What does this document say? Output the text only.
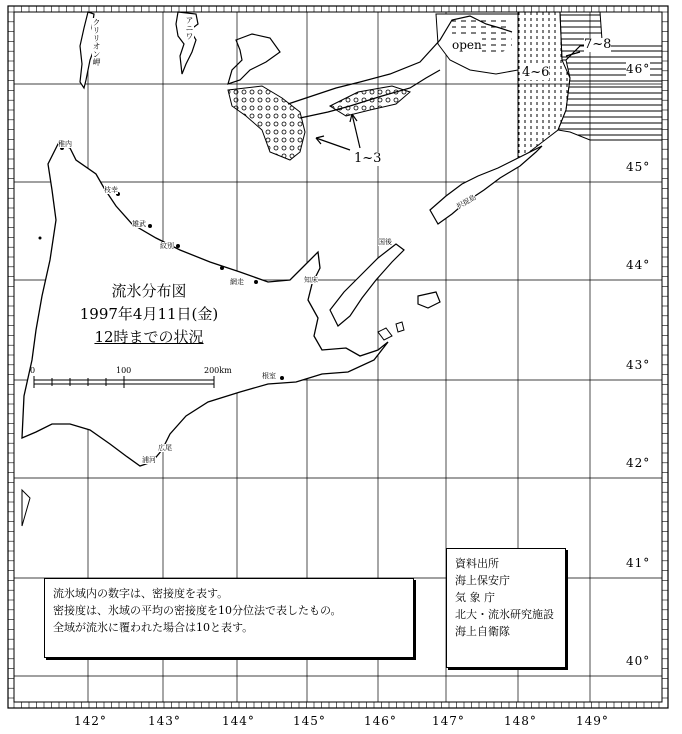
クリリオン岬	アニワ
稚内
枝幸
雄武
紋別
網走	知床
択捉島
国後
根室
広尾
浦河
open	7~8
4~6
1~3
流氷分布図
1997年4月11日(金)
12時までの状況
0	100	200km
142°	143°	144°	145°	146°	147°	148°	149°
46°
45°
44°
43°
42°
41°
40°
流氷域内の数字は、密接度を表す。
密接度は、氷域の平均の密接度を10分位法で表したもの。
全域が流氷に覆われた場合は10と表す。
資料出所
海上保安庁
気 象 庁
北大・流氷研究施設
海上自衛隊
